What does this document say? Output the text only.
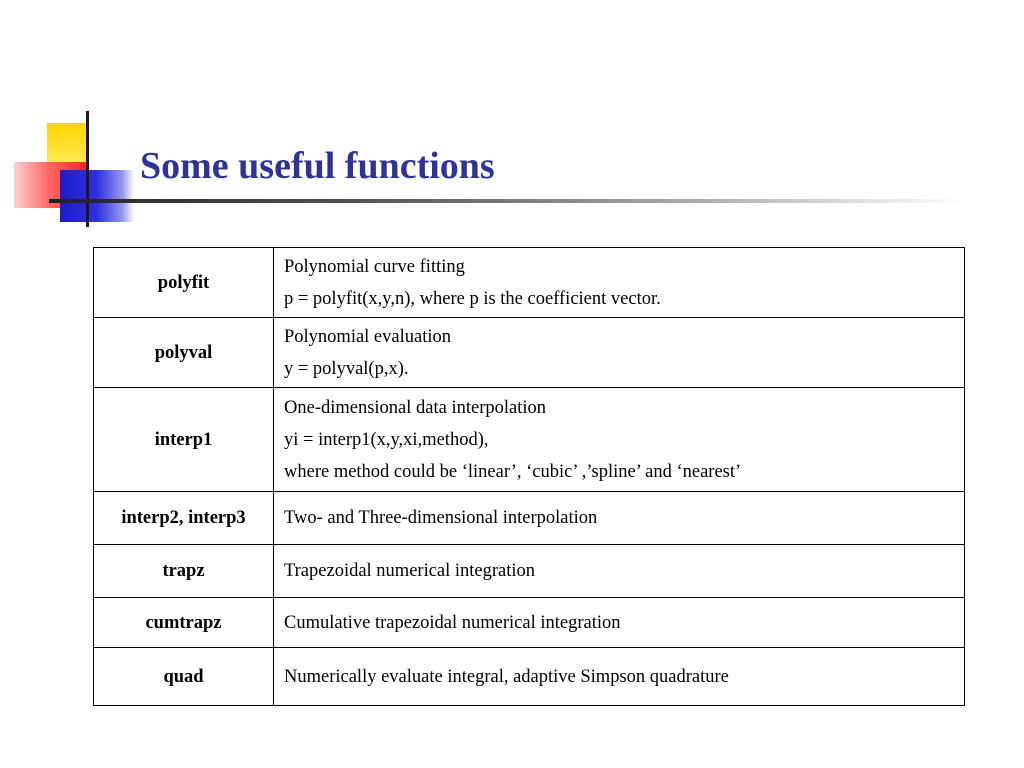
Some useful functions
polyfit	Polynomial curve fitting
p = polyfit(x,y,n), where p is the coefficient vector.

polyval	Polynomial evaluation
y = polyval(p,x).

interp1	One-dimensional data interpolation
yi = interp1(x,y,xi,method),
where method could be ‘linear’, ‘cubic’ ,’spline’ and ‘nearest’

interp2, interp3	Two- and Three-dimensional interpolation

trapz	Trapezoidal numerical integration

cumtrapz	Cumulative trapezoidal numerical integration

quad	Numerically evaluate integral, adaptive Simpson quadrature
